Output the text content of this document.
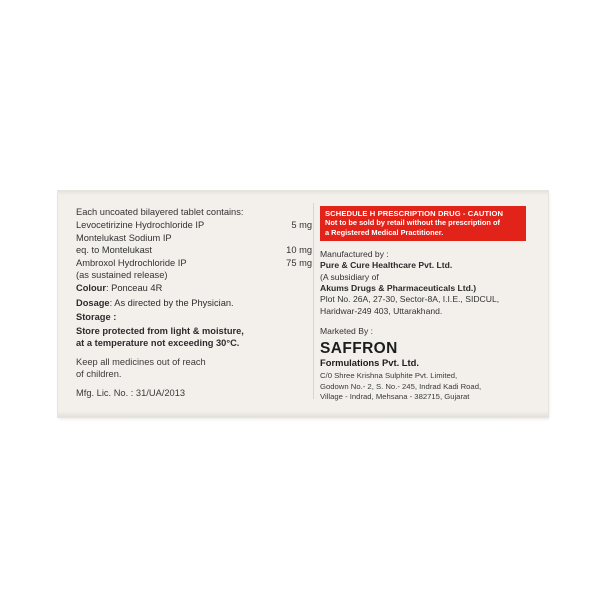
Each uncoated bilayered tablet contains:
Levocetirizine Hydrochloride IP	5 mg
Montelukast Sodium IP
eq. to Montelukast	10 mg
Ambroxol Hydrochloride IP	75 mg
(as sustained release)
Colour: Ponceau 4R
Dosage: As directed by the Physician.
Storage :
Store protected from light & moisture,
at a temperature not exceeding 30°C.
Keep all medicines out of reach
of children.
Mfg. Lic. No. : 31/UA/2013
SCHEDULE H PRESCRIPTION DRUG - CAUTION
Not to be sold by retail without the prescription of
a Registered Medical Practitioner.
Manufactured by :
Pure & Cure Healthcare Pvt. Ltd.
(A subsidiary of
Akums Drugs & Pharmaceuticals Ltd.)
Plot No. 26A, 27-30, Sector-8A, I.I.E., SIDCUL,
Haridwar-249 403, Uttarakhand.
Marketed By :
SAFFRON
Formulations Pvt. Ltd.
C/0 Shree Krishna Sulphite Pvt. Limited,
Godown No.- 2, S. No.- 245, Indrad Kadi Road,
Village - Indrad, Mehsana - 382715, Gujarat
